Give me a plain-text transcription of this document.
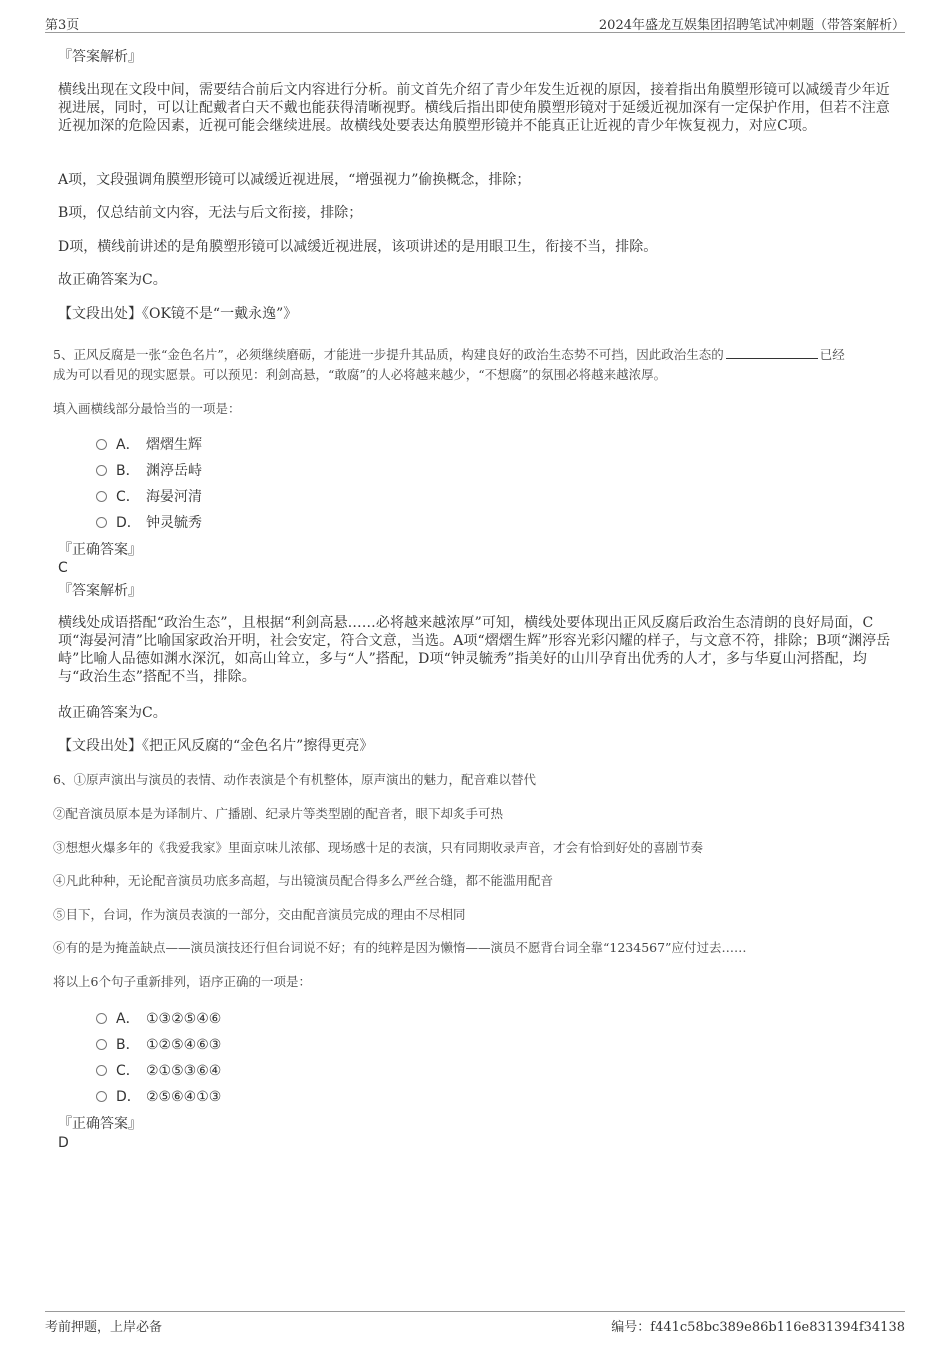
第3页	2024年盛龙互娱集团招聘笔试冲刺题（带答案解析）
『答案解析』
横线出现在文段中间，需要结合前后文内容进行分析。前文首先介绍了青少年发生近视的原因，接着指出角膜塑形镜可以减缓青少年近视进展，同时，可以让配戴者白天不戴也能获得清晰视野。横线后指出即使角膜塑形镜对于延缓近视加深有一定保护作用，但若不注意近视加深的危险因素，近视可能会继续进展。故横线处要表达角膜塑形镜并不能真正让近视的青少年恢复视力，对应C项。
A项，文段强调角膜塑形镜可以减缓近视进展，“增强视力”偷换概念，排除；
B项，仅总结前文内容，无法与后文衔接，排除；
D项，横线前讲述的是角膜塑形镜可以减缓近视进展，该项讲述的是用眼卫生，衔接不当，排除。
故正确答案为C。
【文段出处】《OK镜不是“一戴永逸”》
5、正风反腐是一张“金色名片”，必须继续磨砺，才能进一步提升其品质，构建良好的政治生态势不可挡，因此政治生态的	已经
成为可以看见的现实愿景。可以预见：利剑高悬，“敢腐”的人必将越来越少，“不想腐”的氛围必将越来越浓厚。
填入画横线部分最恰当的一项是：
A． 熠熠生辉
B． 渊渟岳峙
C． 海晏河清
D． 钟灵毓秀
『正确答案』
C
『答案解析』
横线处成语搭配“政治生态”，且根据“利剑高悬……必将越来越浓厚”可知，横线处要体现出正风反腐后政治生态清朗的良好局面，C项“海晏河清”比喻国家政治开明，社会安定，符合文意，当选。A项“熠熠生辉”形容光彩闪耀的样子，与文意不符，排除；B项“渊渟岳峙”比喻人品德如渊水深沉，如高山耸立，多与“人”搭配，D项“钟灵毓秀”指美好的山川孕育出优秀的人才，多与华夏山河搭配，均与“政治生态”搭配不当，排除。
故正确答案为C。
【文段出处】《把正风反腐的“金色名片”擦得更亮》
6、①原声演出与演员的表情、动作表演是个有机整体，原声演出的魅力，配音难以替代
②配音演员原本是为译制片、广播剧、纪录片等类型剧的配音者，眼下却炙手可热
③想想火爆多年的《我爱我家》里面京味儿浓郁、现场感十足的表演，只有同期收录声音，才会有恰到好处的喜剧节奏
④凡此种种，无论配音演员功底多高超，与出镜演员配合得多么严丝合缝，都不能滥用配音
⑤目下，台词，作为演员表演的一部分，交由配音演员完成的理由不尽相同
⑥有的是为掩盖缺点——演员演技还行但台词说不好；有的纯粹是因为懒惰——演员不愿背台词全靠“1234567”应付过去……
将以上6个句子重新排列，语序正确的一项是：
A． ①③②⑤④⑥
B． ①②⑤④⑥③
C． ②①⑤③⑥④
D． ②⑤⑥④①③
『正确答案』
D
考前押题，上岸必备	编号：f441c58bc389e86b116e831394f34138
